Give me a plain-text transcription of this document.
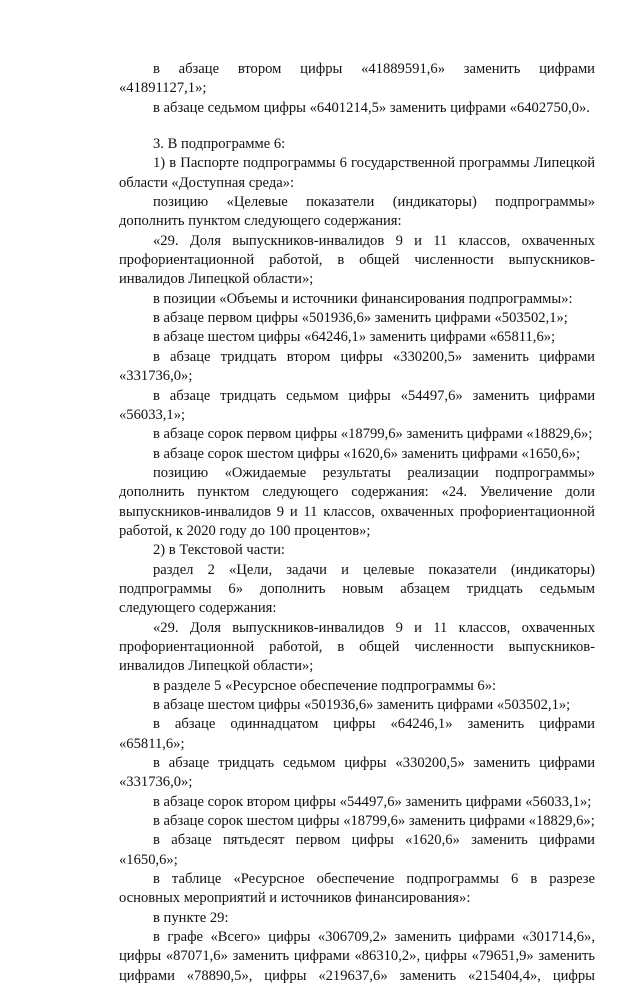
в абзаце втором цифры «41889591,6» заменить цифрами «41891127,1»;

в абзаце седьмом цифры «6401214,5» заменить цифрами «6402750,0».

3. В подпрограмме 6:

1) в Паспорте подпрограммы 6 государственной программы Липецкой области «Доступная среда»:

позицию «Целевые показатели (индикаторы) подпрограммы» дополнить пунктом следующего содержания:

«29. Доля выпускников-инвалидов 9 и 11 классов, охваченных профориентационной работой, в общей численности выпускников-инвалидов Липецкой области»;

в позиции «Объемы и источники финансирования подпрограммы»:

в абзаце первом цифры «501936,6» заменить цифрами «503502,1»;

в абзаце шестом цифры «64246,1» заменить цифрами «65811,6»;

в абзаце тридцать втором цифры «330200,5» заменить цифрами «331736,0»;

в абзаце тридцать седьмом цифры «54497,6» заменить цифрами «56033,1»;

в абзаце сорок первом цифры «18799,6» заменить цифрами «18829,6»;

в абзаце сорок шестом цифры «1620,6» заменить цифрами «1650,6»;

позицию «Ожидаемые результаты реализации подпрограммы» дополнить пунктом следующего содержания: «24. Увеличение доли выпускников-инвалидов 9 и 11 классов, охваченных профориентационной работой, к 2020 году до 100 процентов»;

2) в Текстовой части:

раздел 2 «Цели, задачи и целевые показатели (индикаторы) подпрограммы 6» дополнить новым абзацем тридцать седьмым следующего содержания:

«29. Доля выпускников-инвалидов 9 и 11 классов, охваченных профориентационной работой, в общей численности выпускников-инвалидов Липецкой области»;

в разделе 5 «Ресурсное обеспечение подпрограммы 6»:

в абзаце шестом цифры «501936,6» заменить цифрами «503502,1»;

в абзаце одиннадцатом цифры «64246,1» заменить цифрами «65811,6»;

в абзаце тридцать седьмом цифры «330200,5» заменить цифрами «331736,0»;

в абзаце сорок втором цифры «54497,6» заменить цифрами «56033,1»;

в абзаце сорок шестом цифры «18799,6» заменить цифрами «18829,6»;

в абзаце пятьдесят первом цифры «1620,6» заменить цифрами «1650,6»;

в таблице «Ресурсное обеспечение подпрограммы 6 в разрезе основных мероприятий и источников финансирования»:

в пункте 29:

в графе «Всего» цифры «306709,2» заменить цифрами «301714,6», цифры «87071,6» заменить цифрами «86310,2», цифры «79651,9» заменить цифрами «78890,5», цифры «219637,6» заменить «215404,4», цифры
